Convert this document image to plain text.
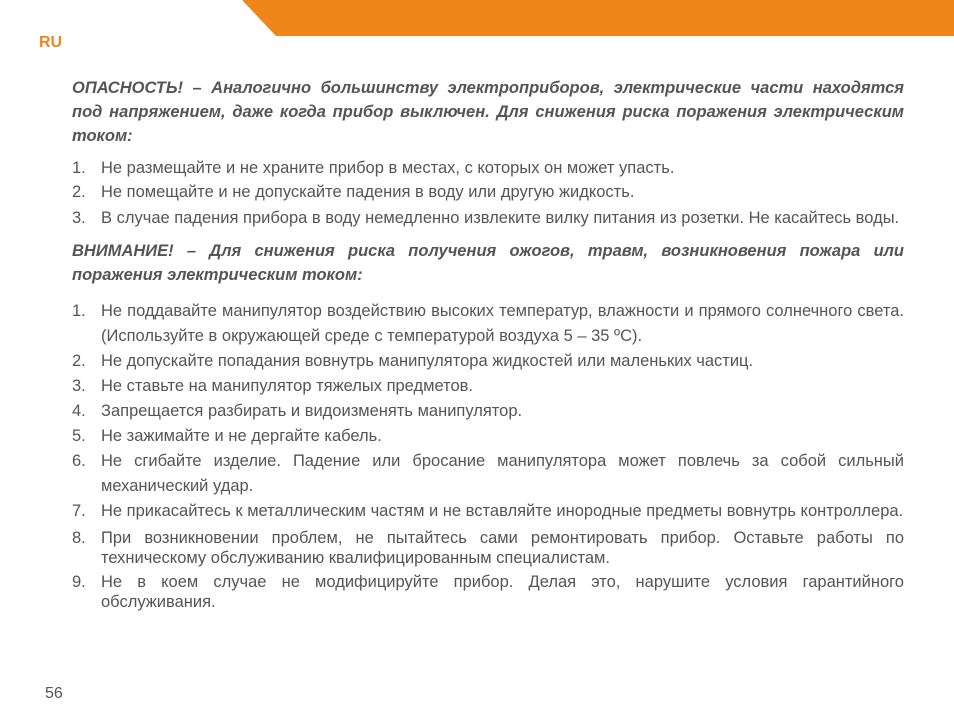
RU

ОПАСНОСТЬ! – Аналогично большинству электроприборов, электрические части находятся под напряжением, даже когда прибор выключен. Для снижения риска поражения электрическим током:

1. Не размещайте и не храните прибор в местах, с которых он может упасть.
2. Не помещайте и не допускайте падения в воду или другую жидкость.
3. В случае падения прибора в воду немедленно извлеките вилку питания из розетки. Не касайтесь воды.

ВНИМАНИЕ! – Для снижения риска получения ожогов, травм, возникновения пожара или поражения электрическим током:

1. Не поддавайте манипулятор воздействию высоких температур, влажности и прямого солнечного света. (Используйте в окружающей среде с температурой воздуха 5 – 35 ºC).
2. Не допускайте попадания вовнутрь манипулятора жидкостей или маленьких частиц.
3. Не ставьте на манипулятор тяжелых предметов.
4. Запрещается разбирать и видоизменять манипулятор.
5. Не зажимайте и не дергайте кабель.
6. Не сгибайте изделие. Падение или бросание манипулятора может повлечь за собой сильный механический удар.
7. Не прикасайтесь к металлическим частям и не вставляйте инородные предметы вовнутрь контроллера.
8. При возникновении проблем, не пытайтесь сами ремонтировать прибор. Оставьте работы по техническому обслуживанию квалифицированным специалистам.
9. Не в коем случае не модифицируйте прибор. Делая это, нарушите условия гарантийного обслуживания.
56
